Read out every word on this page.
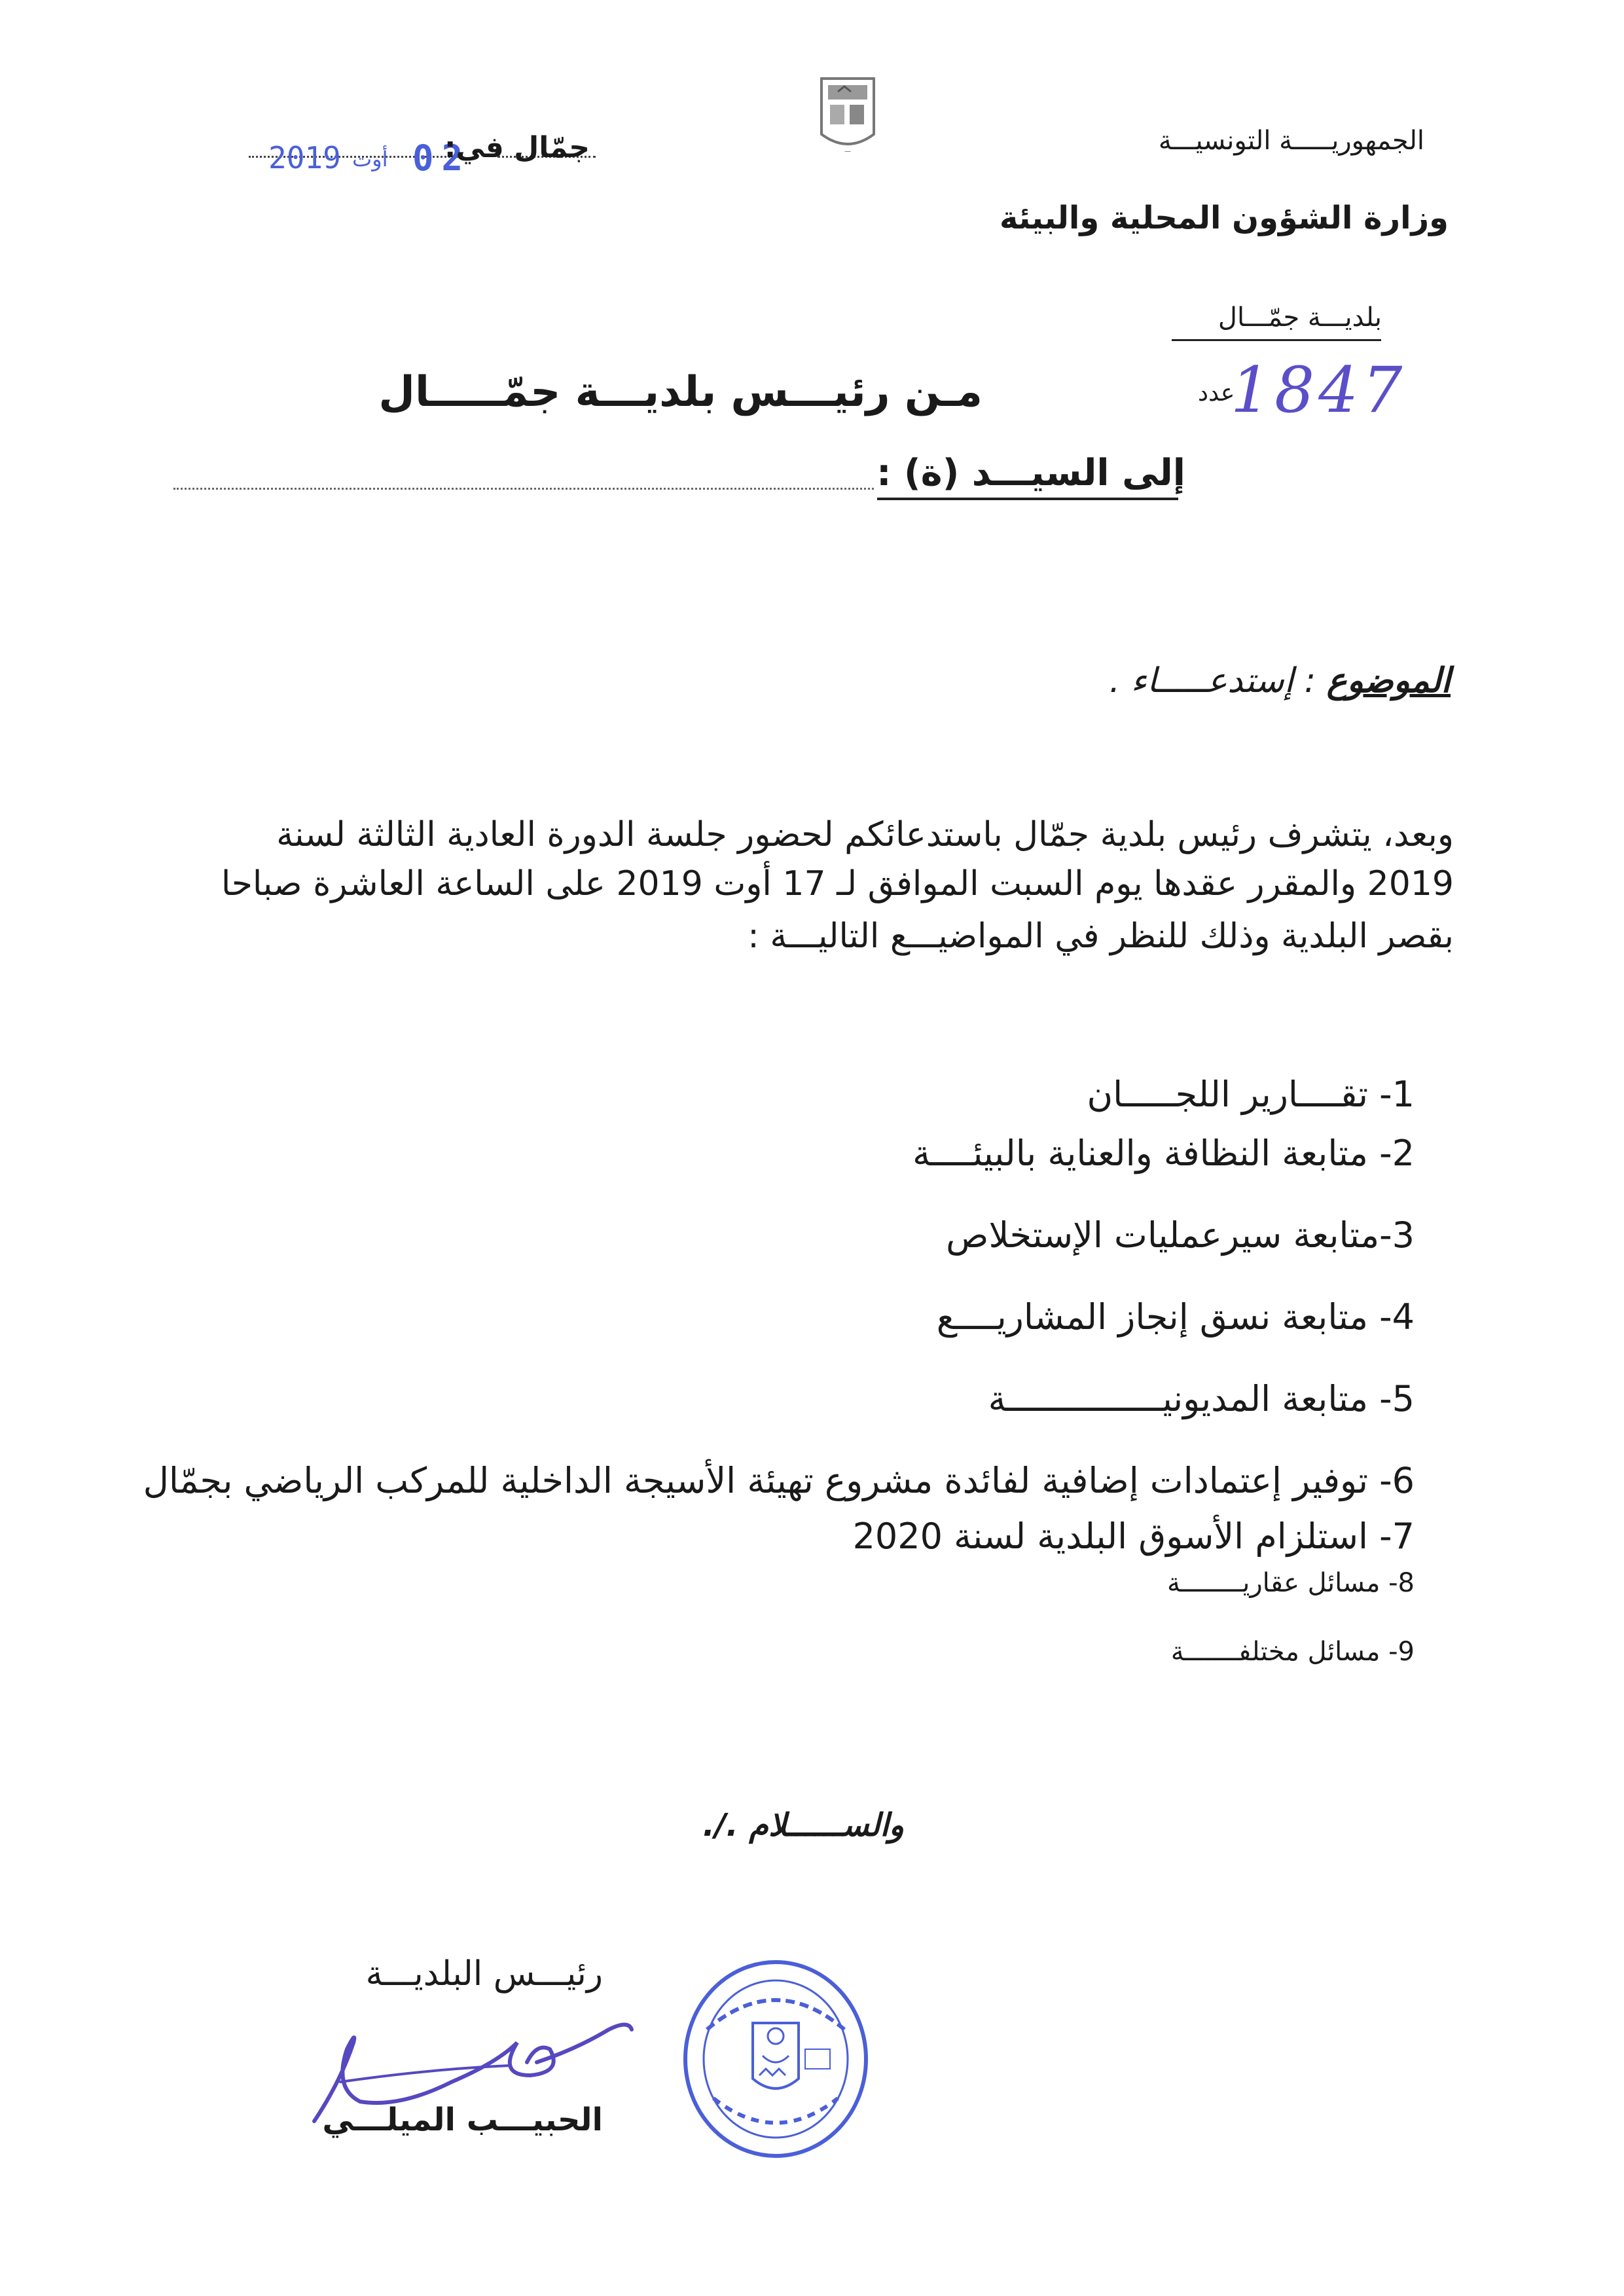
2019 أوت 02
جمّال في:	ـــ	الجمهوريـــــة التونسيـــة
وزارة الشؤون المحلية والبيئة
بلديـــة جمّـــال
1847
عدد
مـن رئيـــس بلديـــة جمّـــــال
إلى السيـــد (ة) :
الموضوع : إستدعـــــاء .
وبعد، يتشرف رئيس بلدية جمّال باستدعائكم لحضور جلسة الدورة العادية الثالثة لسنة
2019 والمقرر عقدها يوم السبت الموافق لـ 17 أوت 2019 على الساعة العاشرة صباحا
بقصر البلدية وذلك للنظر في المواضيـــع التاليـــة :
1- تقــــارير اللجـــــان
2- متابعة النظافة والعناية بالبيئــــة
3-متابعة سيرعمليات الإستخلاص
4- متابعة نسق إنجاز المشاريــــع
5- متابعة المديونيـــــــــــــــة
6- توفير إعتمادات إضافية لفائدة مشروع تهيئة الأسيجة الداخلية للمركب الرياضي بجمّال
7- استلزام الأسوق البلدية لسنة 2020
8- مسائل عقاريــــــــة
9- مسائل مختلفـــــــة
والســــــلام ./.
رئيـــس البلديـــة
الحبيـــب الميلـــي
